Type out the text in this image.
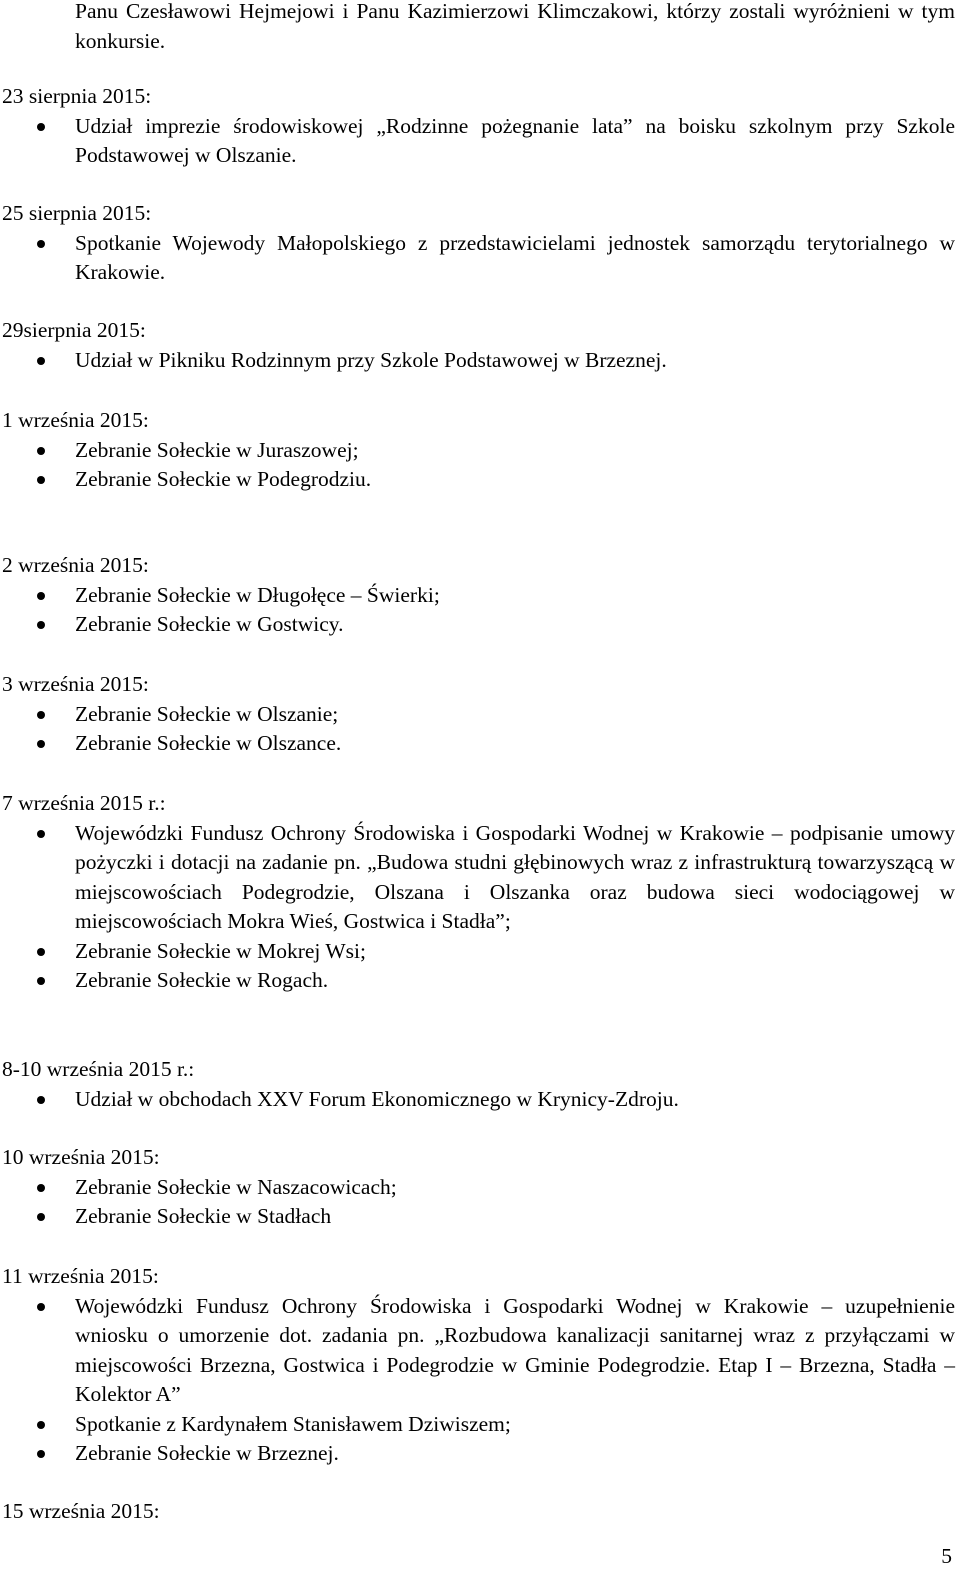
Panu Czesławowi Hejmejowi i Panu Kazimierzowi Klimczakowi, którzy zostali wyróżnieni w tym konkursie.
23 sierpnia 2015:
Udział imprezie środowiskowej „Rodzinne pożegnanie lata” na boisku szkolnym przy Szkole Podstawowej w Olszanie.
25 sierpnia 2015:
Spotkanie Wojewody Małopolskiego z przedstawicielami jednostek samorządu terytorialnego w Krakowie.
29sierpnia 2015:
Udział w Pikniku Rodzinnym przy Szkole Podstawowej w Brzeznej.
1 września 2015:
Zebranie Sołeckie w Juraszowej;
Zebranie Sołeckie w Podegrodziu.
2 września 2015:
Zebranie Sołeckie w Długołęce – Świerki;
Zebranie Sołeckie w Gostwicy.
3 września 2015:
Zebranie Sołeckie w Olszanie;
Zebranie Sołeckie w Olszance.
7 września 2015 r.:
Wojewódzki Fundusz Ochrony Środowiska i Gospodarki Wodnej w Krakowie – podpisanie umowy pożyczki i dotacji na zadanie pn. „Budowa studni głębinowych wraz z infrastrukturą towarzyszącą w miejscowościach Podegrodzie, Olszana i Olszanka oraz budowa sieci wodociągowej w miejscowościach Mokra Wieś, Gostwica i Stadła”;
Zebranie Sołeckie w Mokrej Wsi;
Zebranie Sołeckie w Rogach.
8-10 września 2015 r.:
Udział w obchodach XXV Forum Ekonomicznego w Krynicy-Zdroju.
10 września 2015:
Zebranie Sołeckie w Naszacowicach;
Zebranie Sołeckie w Stadłach
11 września 2015:
Wojewódzki Fundusz Ochrony Środowiska i Gospodarki Wodnej w Krakowie – uzupełnienie wniosku o umorzenie dot. zadania pn. „Rozbudowa kanalizacji sanitarnej wraz z przyłączami w miejscowości Brzezna, Gostwica i Podegrodzie w Gminie Podegrodzie. Etap I – Brzezna, Stadła – Kolektor A”
Spotkanie z Kardynałem Stanisławem Dziwiszem;
Zebranie Sołeckie w Brzeznej.
15 września 2015:
5
